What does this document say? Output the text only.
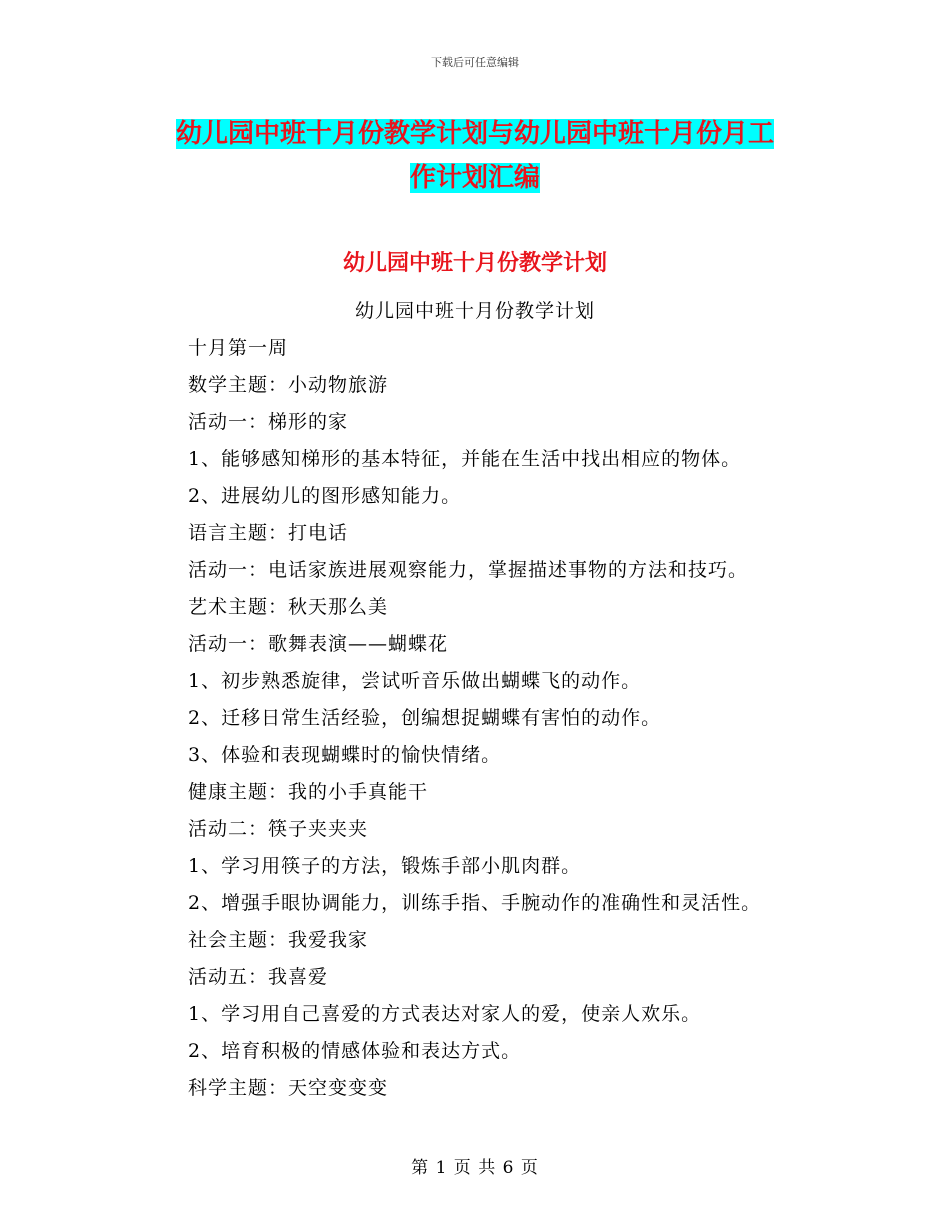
下载后可任意编辑
幼儿园中班十月份教学计划与幼儿园中班十月份月工
作计划汇编
幼儿园中班十月份教学计划
幼儿园中班十月份教学计划
十月第一周
数学主题：小动物旅游
活动一：梯形的家
1、能够感知梯形的基本特征，并能在生活中找出相应的物体。
2、进展幼儿的图形感知能力。
语言主题：打电话
活动一：电话家族进展观察能力，掌握描述事物的方法和技巧。
艺术主题：秋天那么美
活动一：歌舞表演——蝴蝶花
1、初步熟悉旋律，尝试听音乐做出蝴蝶飞的动作。
2、迁移日常生活经验，创编想捉蝴蝶有害怕的动作。
3、体验和表现蝴蝶时的愉快情绪。
健康主题：我的小手真能干
活动二：筷子夹夹夹
1、学习用筷子的方法，锻炼手部小肌肉群。
2、增强手眼协调能力，训练手指、手腕动作的准确性和灵活性。
社会主题：我爱我家
活动五：我喜爱
1、学习用自己喜爱的方式表达对家人的爱，使亲人欢乐。
2、培育积极的情感体验和表达方式。
科学主题：天空变变变
第 1 页 共 6 页
